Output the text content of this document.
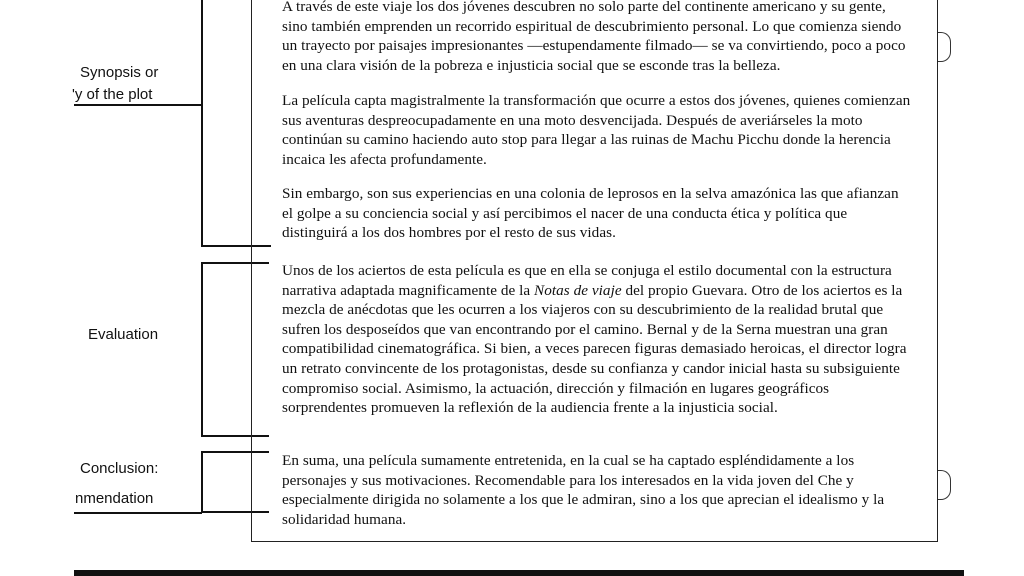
Synopsis or
'y of the plot
Evaluation
Conclusion:
nmendation

A través de este viaje los dos jóvenes descubren no solo parte del continente americano y su gente, sino también emprenden un recorrido espiritual de descubrimiento personal. Lo que comienza siendo un trayecto por paisajes impresionantes —estupendamente filmado— se va convirtiendo, poco a poco en una clara visión de la pobreza e injusticia social que se esconde tras la belleza.

La película capta magistralmente la transformación que ocurre a estos dos jóvenes, quienes comienzan sus aventuras despreocupadamente en una moto desvencijada. Después de averiárseles la moto continúan su camino haciendo auto stop para llegar a las ruinas de Machu Picchu donde la herencia incaica les afecta profundamente.

Sin embargo, son sus experiencias en una colonia de leprosos en la selva amazónica las que afianzan el golpe a su conciencia social y así percibimos el nacer de una conducta ética y política que distinguirá a los dos hombres por el resto de sus vidas.

Unos de los aciertos de esta película es que en ella se conjuga el estilo documental con la estructura narrativa adaptada magnificamente de la Notas de viaje del propio Guevara. Otro de los aciertos es la mezcla de anécdotas que les ocurren a los viajeros con su descubrimiento de la realidad brutal que sufren los desposeídos que van encontrando por el camino. Bernal y de la Serna muestran una gran compatibilidad cinematográfica. Si bien, a veces parecen figuras demasiado heroicas, el director logra un retrato convincente de los protagonistas, desde su confianza y candor inicial hasta su subsiguiente compromiso social. Asimismo, la actuación, dirección y filmación en lugares geográficos sorprendentes promueven la reflexión de la audiencia frente a la injusticia social.

En suma, una película sumamente entretenida, en la cual se ha captado espléndidamente a los personajes y sus motivaciones. Recomendable para los interesados en la vida joven del Che y especialmente dirigida no solamente a los que le admiran, sino a los que aprecian el idealismo y la solidaridad humana.
